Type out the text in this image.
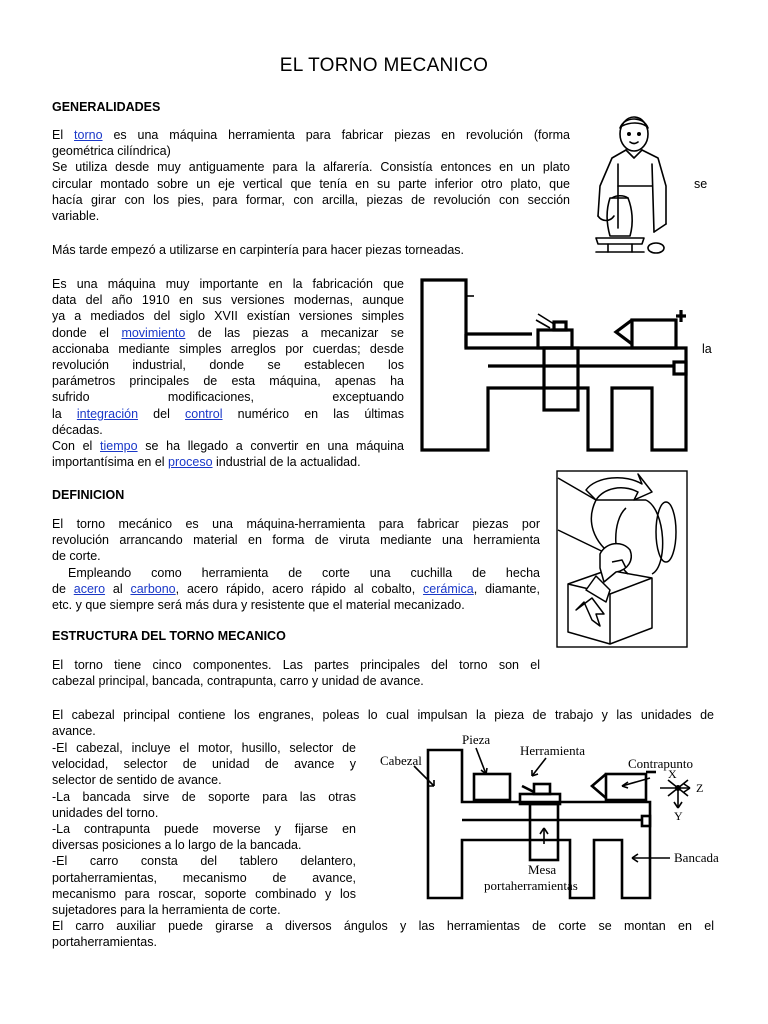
EL TORNO MECANICO
GENERALIDADES
El torno es una máquina herramienta para fabricar piezas en revolución (forma
geométrica cilíndrica)
Se utiliza desde muy antiguamente para la alfarería. Consistía entonces en un plato
circular montado sobre un eje vertical que tenía en su parte inferior otro plato, que
hacía girar con los pies, para formar, con arcilla, piezas de revolución con sección
variable.
se
Más tarde empezó a utilizarse en carpintería para hacer piezas torneadas.
Es una máquina muy importante en la fabricación que
data del año 1910 en sus versiones modernas, aunque
ya a mediados del siglo XVII existían versiones simples
donde el movimiento de las piezas a mecanizar se
accionaba mediante simples arreglos por cuerdas; desde
revolución industrial, donde se establecen los
parámetros principales de esta máquina, apenas ha
sufrido modificaciones, exceptuando
la integración del control numérico en las últimas
décadas.
Con el tiempo se ha llegado a convertir en una máquina
importantísima en el proceso industrial de la actualidad.
la
DEFINICION
El torno mecánico es una máquina-herramienta para fabricar piezas por
revolución arrancando material en forma de viruta mediante una herramienta
de corte.
Empleando como herramienta de corte una cuchilla de hecha
de acero al carbono, acero rápido, acero rápido al cobalto, cerámica, diamante,
etc. y que siempre será más dura y resistente que el material mecanizado.
ESTRUCTURA DEL TORNO MECANICO
El torno tiene cinco componentes. Las partes principales del torno son el
cabezal principal, bancada, contrapunta, carro y unidad de avance.
El cabezal principal contiene los engranes, poleas lo cual impulsan la pieza de trabajo y las unidades de
avance.
-El cabezal, incluye el motor, husillo, selector de
velocidad, selector de unidad de avance y
selector de sentido de avance.
-La bancada sirve de soporte para las otras
unidades del torno.
-La contrapunta puede moverse y fijarse en
diversas posiciones a lo largo de la bancada.
-El carro consta del tablero delantero,
portaherramientas, mecanismo de avance,
mecanismo para roscar, soporte combinado y los
sujetadores para la herramienta de corte.
El carro auxiliar puede girarse a diversos ángulos y las herramientas de corte se montan en el
portaherramientas.
Cabezal
Pieza
Herramienta
Contrapunto
X
Z
Y
Bancada
Mesa
portaherramientas
